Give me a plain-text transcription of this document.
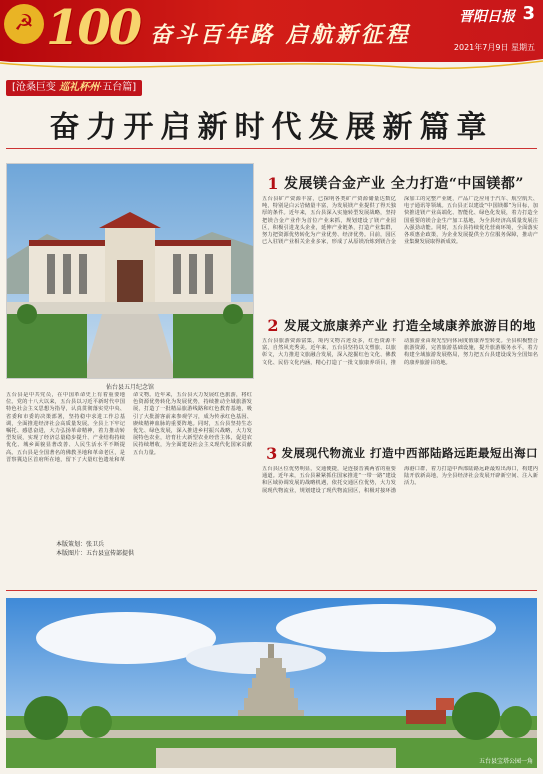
☭ 100 奋斗百年路 启航新征程
晋阳日报 3
2021年7月9日 星期五
[沧桑巨变 巡礼杯州·五台篇]
奋力开启新时代发展新篇章
佑台县五月纪念馆
五台县是中共党员，在中国革命史上有着重要地位。党的十八大以来，五台县以习近平新时代中国特色社会主义思想为指导，认真贯彻落实党中央、省委和市委的决策部署，坚持稳中求进工作总基调，全面推进经济社会高质量发展。全县上下牢记嘱托、感恩奋进，大力弘扬革命精神，着力推动转型发展，实现了经济总量稳步提升、产业结构持续优化、城乡面貌显著改善、人民生活水平不断提高。五台县是全国著名的佛教圣地和革命老区，是晋察冀边区首府所在地，留下了大量红色遗址和革命文物。近年来，五台县大力发展红色旅游，将红色资源优势转化为发展优势，持续推动全域旅游发展，打造了一批精品旅游线路和红色教育基地，吸引了大批游客前来参观学习，成为传承红色基因、赓续精神血脉的重要阵地。同时，五台县坚持生态优先、绿色发展，深入推进乡村振兴战略，大力发展特色农业，培育壮大新型农业经营主体，促进农民持续增收，为全面建设社会主义现代化国家贡献五台力量。
本版策划：张卫兵
本版图片：五台县宣传部提供
1 发展镁合金产业 全力打造“中国镁都”
五台县矿产资源丰富，已探明各类矿产资源储量达数亿吨，特别是白云岩储量丰富，为发展镁产业提供了得天独厚的条件。近年来，五台县深入实施转型发展战略，坚持把镁合金产业作为首位产业来抓，规划建设了镁产业园区，积极引进龙头企业，延伸产业链条，打造产业集群，努力把资源优势转化为产业优势、经济优势。目前，园区已入驻镁产业相关企业多家，形成了从原镁冶炼到镁合金深加工的完整产业链，产品广泛应用于汽车、航空航天、电子通讯等领域。五台县正以建设“中国镁都”为目标，加快推进镁产业高端化、智能化、绿色化发展，着力打造全国重要的镁合金生产加工基地，为全县经济高质量发展注入强劲动能。同时，五台县持续优化营商环境，全面落实各项惠企政策，为企业发展提供全方位服务保障，推动产业集聚发展取得新成效。
2 发展文旅康养产业 打造全域康养旅游目的地
五台县旅游资源富集，境内文物古迹众多，红色资源丰富，自然风光秀美。近年来，五台县坚持以文塑旅、以旅彰文，大力推进文旅融合发展，深入挖掘红色文化、佛教文化、民俗文化内涵，精心打造了一批文旅康养项目，推动旅游业由观光型向休闲度假康养型转变。全县积极整合旅游资源，完善旅游基础设施，提升旅游服务水平，着力构建全域旅游发展格局，努力把五台县建设成为全国知名的康养旅游目的地。
3 发展现代物流业 打造中西部陆路远距最短出海口
五台县区位优势明显，交通便捷，是连接晋冀两省的重要通道。近年来，五台县紧紧抓住国家推进“一带一路”建设和区域协调发展的战略机遇，依托交通区位优势，大力发展现代物流业，规划建设了现代物流园区，积极对接环渤海港口群，着力打造中西部陆路远距最短出海口，构建内陆开放新高地，为全县经济社会发展开辟新空间、注入新活力。
五台县宝塔公园一角
